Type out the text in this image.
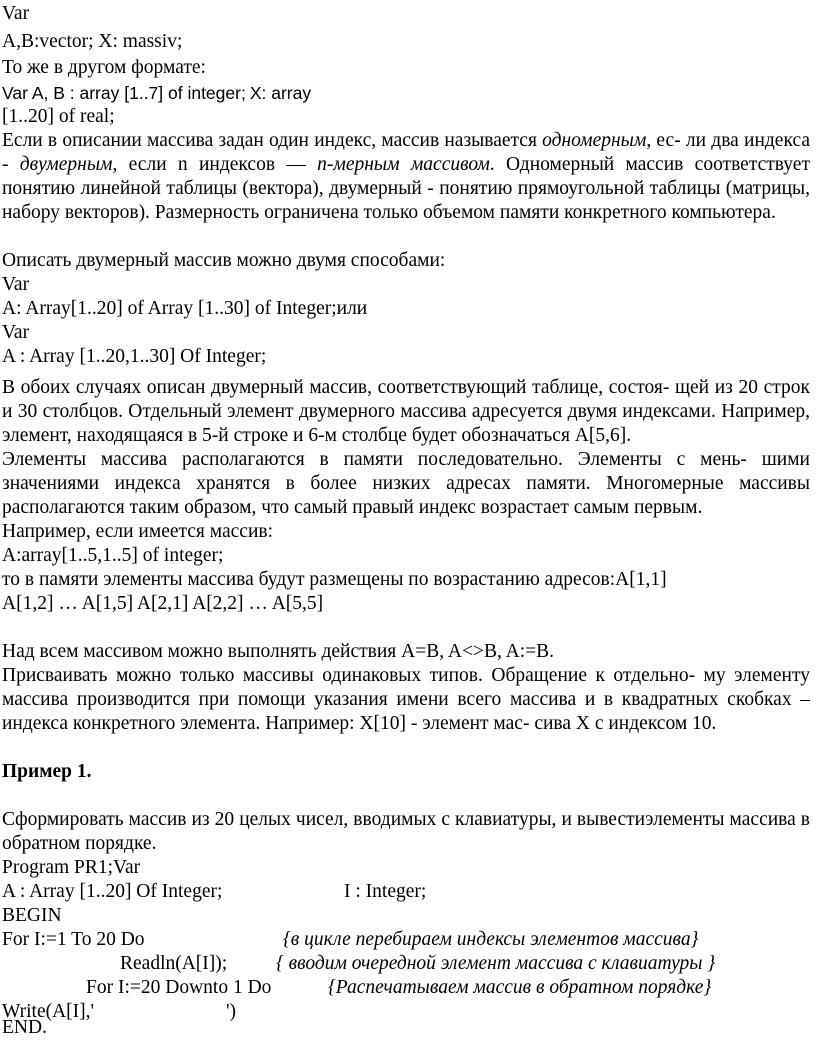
Var
A,B:vector; X: massiv;
То же в другом формате:
Var A, B : array [1..7] of integer; X: array
[1..20] of real;
Если в описании массива задан один индекс, массив называется одномерным, ес- ли два индекса - двумерным, если n индексов — n-мерным массивом. Одномерный массив соответствует понятию линейной таблицы (вектора), двумерный - понятию прямоугольной таблицы (матрицы, набору векторов). Размерность ограничена только объемом памяти конкретного компьютера.
Описать двумерный массив можно двумя способами:
Var
A: Array[1..20] of Array [1..30] of Integer;или
Var
A : Array [1..20,1..30] Of Integer;
В обоих случаях описан двумерный массив, соответствующий таблице, состоя- щей из 20 строк и 30 столбцов. Отдельный элемент двумерного массива адресуется двумя индексами. Например, элемент, находящаяся в 5-й строке и 6-м столбце будет обозначаться A[5,6].
Элементы массива располагаются в памяти последовательно. Элементы с мень- шими значениями индекса хранятся в более низких адресах памяти. Многомерные массивы располагаются таким образом, что самый правый индекс возрастает самым первым.
Например, если имеется массив:
A:array[1..5,1..5] of integer;
то в памяти элементы массива будут размещены по возрастанию адресов:A[1,1]
A[1,2] … A[1,5] A[2,1] A[2,2] … A[5,5]
Над всем массивом можно выполнять действия A=B, A<>B, A:=B.
Присваивать можно только массивы одинаковых типов. Обращение к отдельно- му элементу массива производится при помощи указания имени всего массива и в квадратных скобках – индекса конкретного элемента. Например: X[10] - элемент мас- сива X с индексом 10.
Пример 1.
Сформировать массив из 20 целых чисел, вводимых с клавиатуры, и вывестиэлементы массива в обратном порядке.
Program PR1;Var
A : Array [1..20] Of Integer;	I : Integer;
BEGIN
For I:=1 To 20 Do	{в цикле перебираем индексы элементов массива}
Readln(A[I]);	{ вводим очередной элемент массива с клавиатуры }
For I:=20 Downto 1 Do	{Распечатываем массив в обратном порядке}
Write(A[I],'	')
END.
